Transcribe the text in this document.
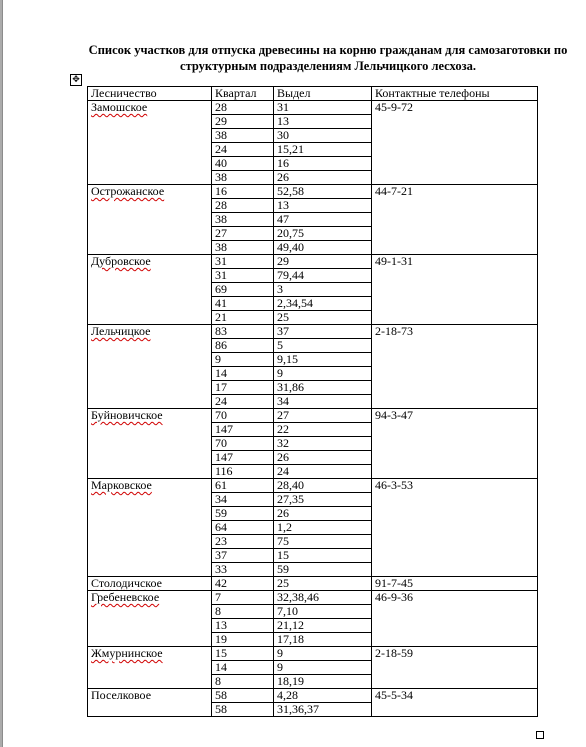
Список участков для отпуска древесины на корню гражданам для самозаготовки по структурным подразделениям Лельчицкого лесхоза.

✥
Лесничество	Квартал	Выдел	Контактные телефоны
Замошское	28	31	45-9-72
	29	13	
	38	30	
	24	15,21	
	40	16	
	38	26	
Острожанское	16	52,58	44-7-21
	28	13	
	38	47	
	27	20,75	
	38	49,40	
Дубровское	31	29	49-1-31
	31	79,44	
	69	3	
	41	2,34,54	
	21	25	
Лельчицкое	83	37	2-18-73
	86	5	
	9	9,15	
	14	9	
	17	31,86	
	24	34	
Буйновичское	70	27	94-3-47
	147	22	
	70	32	
	147	26	
	116	24	
Марковское	61	28,40	46-3-53
	34	27,35	
	59	26	
	64	1,2	
	23	75	
	37	15	
	33	59	
Столодичское	42	25	91-7-45
Гребеневское	7	32,38,46	46-9-36
	8	7,10	
	13	21,12	
	19	17,18	
Жмурнинское	15	9	2-18-59
	14	9	
	8	18,19	
Поселковое	58	4,28	45-5-34
	58	31,36,37	
